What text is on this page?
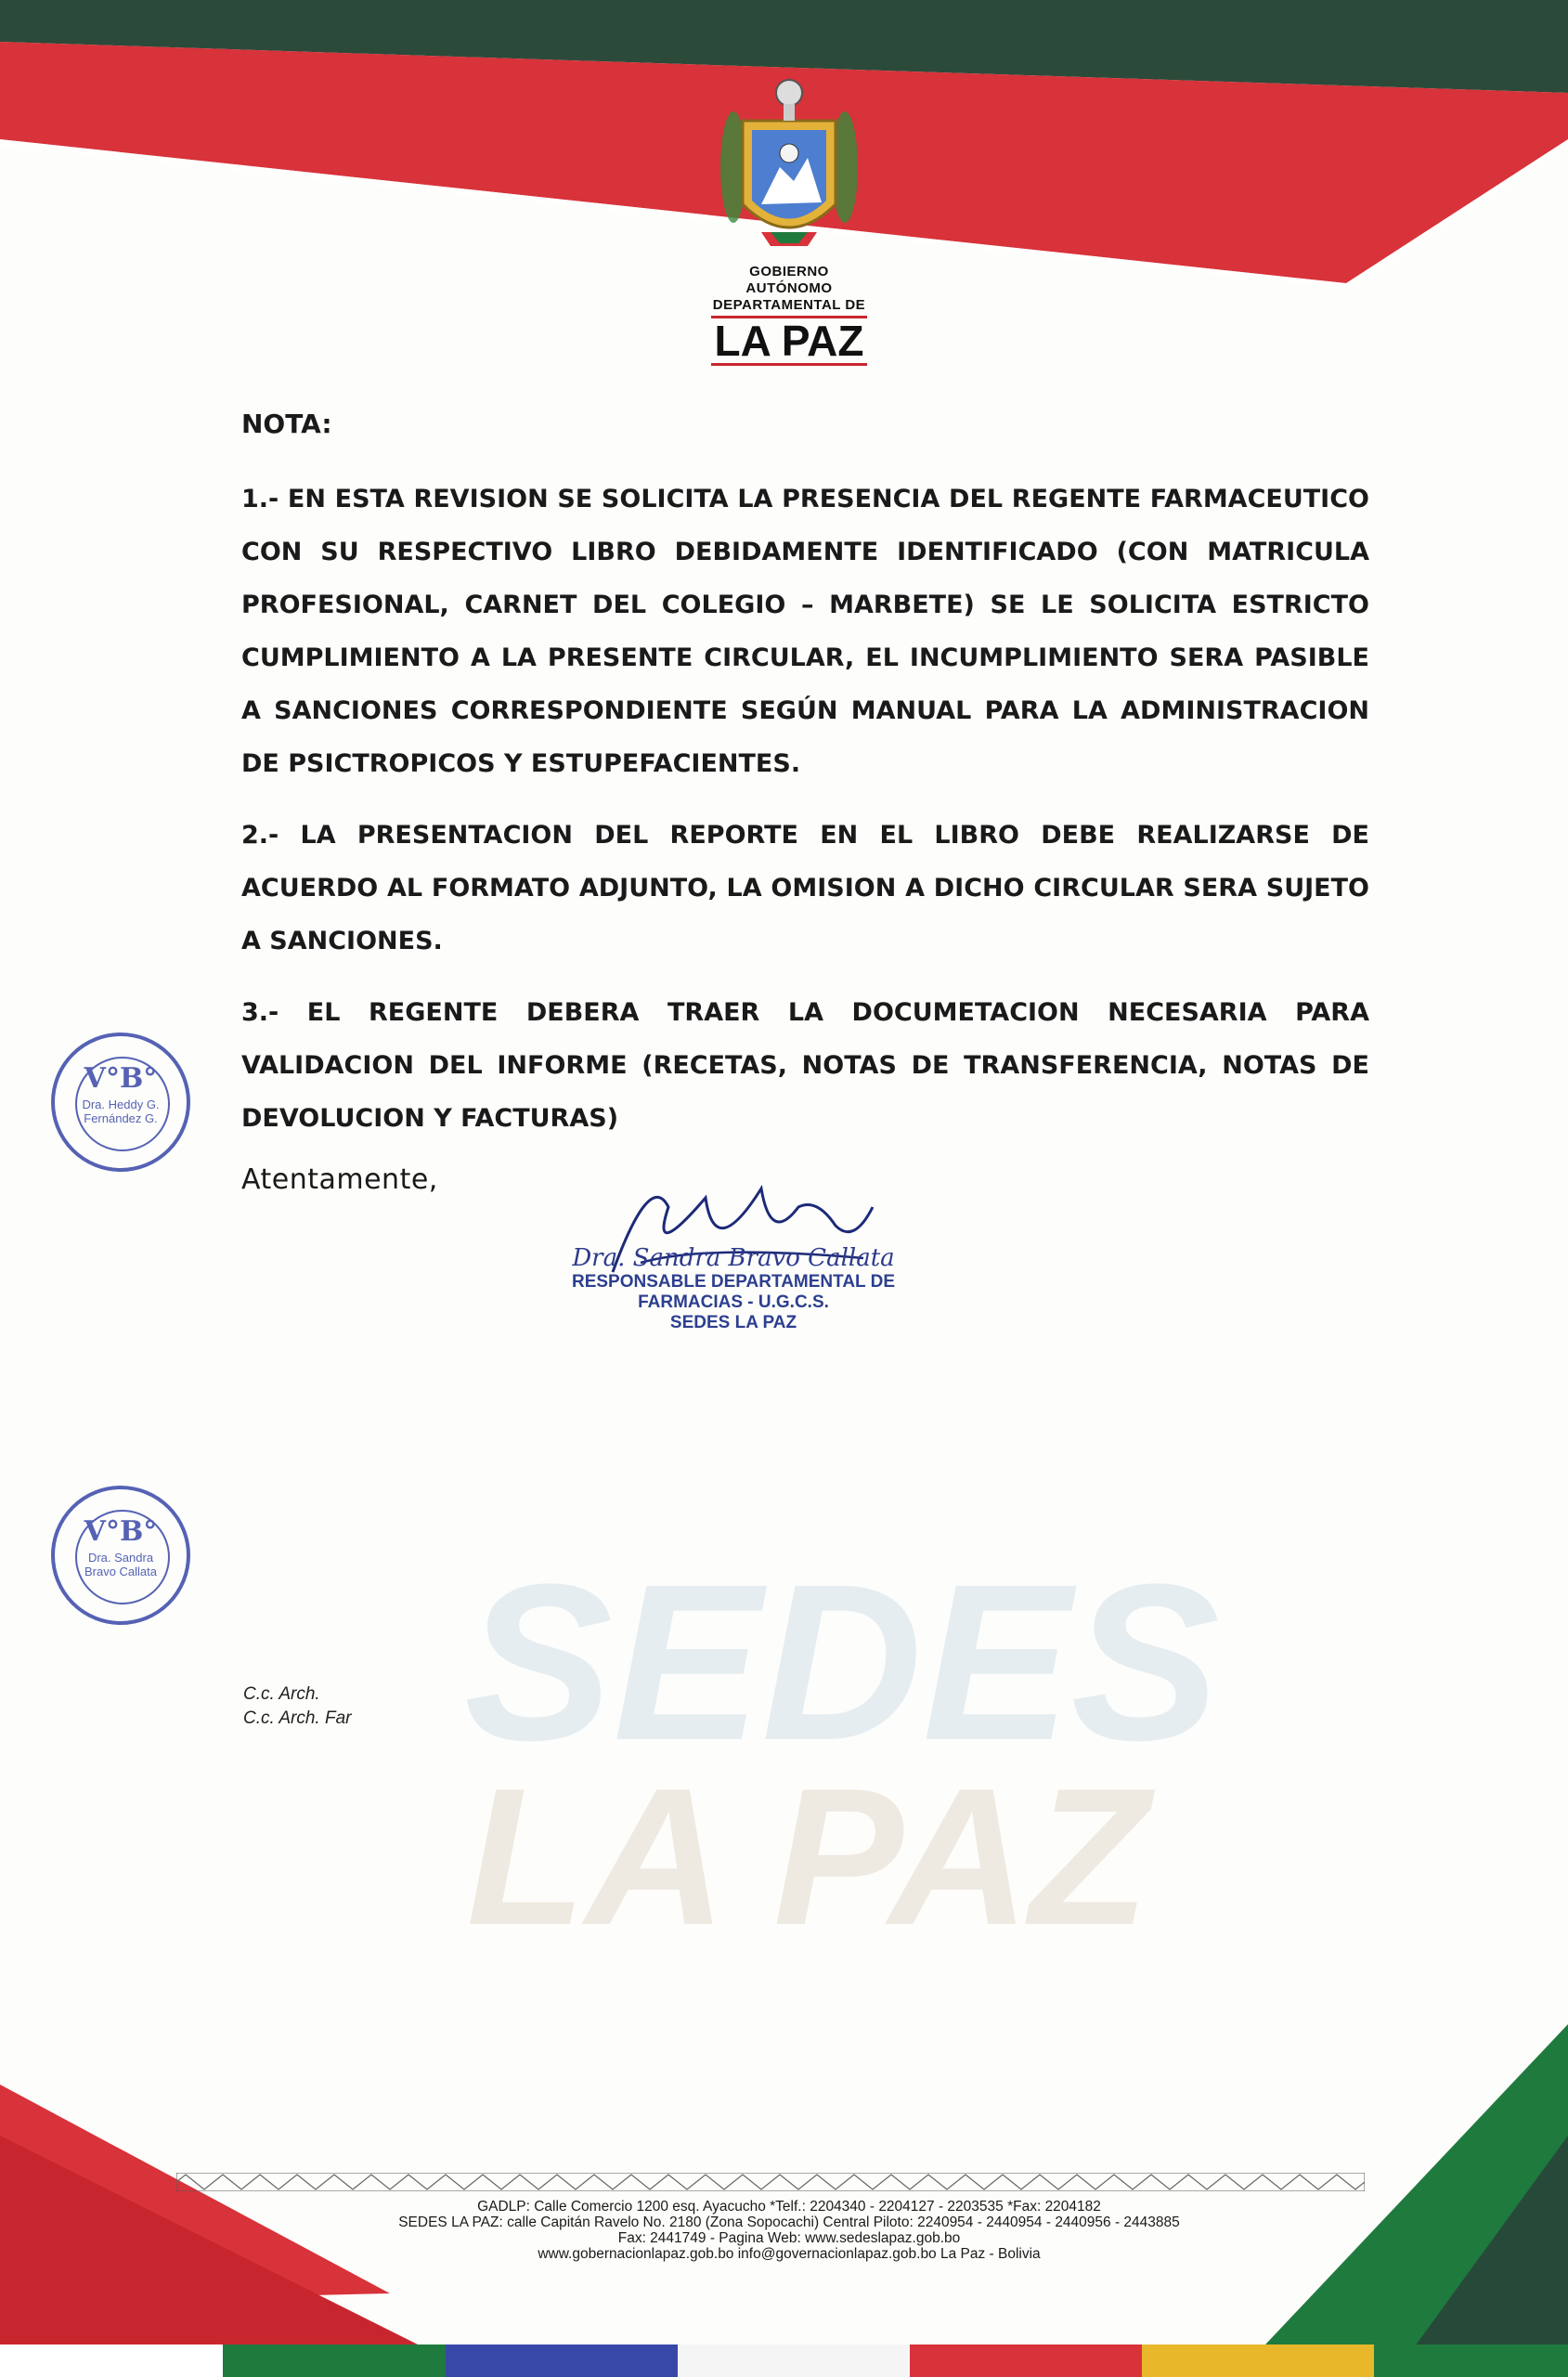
SEDES
LA PAZ
GOBIERNO AUTÓNOMO
DEPARTAMENTAL DE
LA PAZ

NOTA:

1.- EN ESTA REVISION SE SOLICITA LA PRESENCIA DEL REGENTE FARMACEUTICO CON SU RESPECTIVO LIBRO DEBIDAMENTE IDENTIFICADO (CON MATRICULA PROFESIONAL, CARNET DEL COLEGIO – MARBETE) SE LE SOLICITA ESTRICTO CUMPLIMIENTO A LA PRESENTE CIRCULAR, EL INCUMPLIMIENTO SERA PASIBLE A SANCIONES CORRESPONDIENTE SEGÚN MANUAL PARA LA ADMINISTRACION DE PSICTROPICOS Y ESTUPEFACIENTES.

2.- LA PRESENTACION DEL REPORTE EN EL LIBRO DEBE REALIZARSE DE ACUERDO AL FORMATO ADJUNTO, LA OMISION A DICHO CIRCULAR SERA SUJETO A SANCIONES.

3.- EL REGENTE DEBERA TRAER LA DOCUMETACION NECESARIA PARA VALIDACION DEL INFORME (RECETAS, NOTAS DE TRANSFERENCIA, NOTAS DE DEVOLUCION Y FACTURAS)

Atentamente,
Dra. Sandra Bravo Callata
RESPONSABLE DEPARTAMENTAL DE
FARMACIAS - U.G.C.S.
SEDES LA PAZ
V°B°
Dra. Heddy G.
Fernández G.
V°B°
Dra. Sandra
Bravo Callata
C.c. Arch.
C.c. Arch. Far
GADLP: Calle Comercio 1200 esq. Ayacucho *Telf.: 2204340 - 2204127 - 2203535 *Fax: 2204182
SEDES LA PAZ: calle Capitán Ravelo No. 2180 (Zona Sopocachi) Central Piloto: 2240954 - 2440954 - 2440956 - 2443885
Fax: 2441749 - Pagina Web: www.sedeslapaz.gob.bo
www.gobernacionlapaz.gob.bo info@governacionlapaz.gob.bo La Paz - Bolivia
